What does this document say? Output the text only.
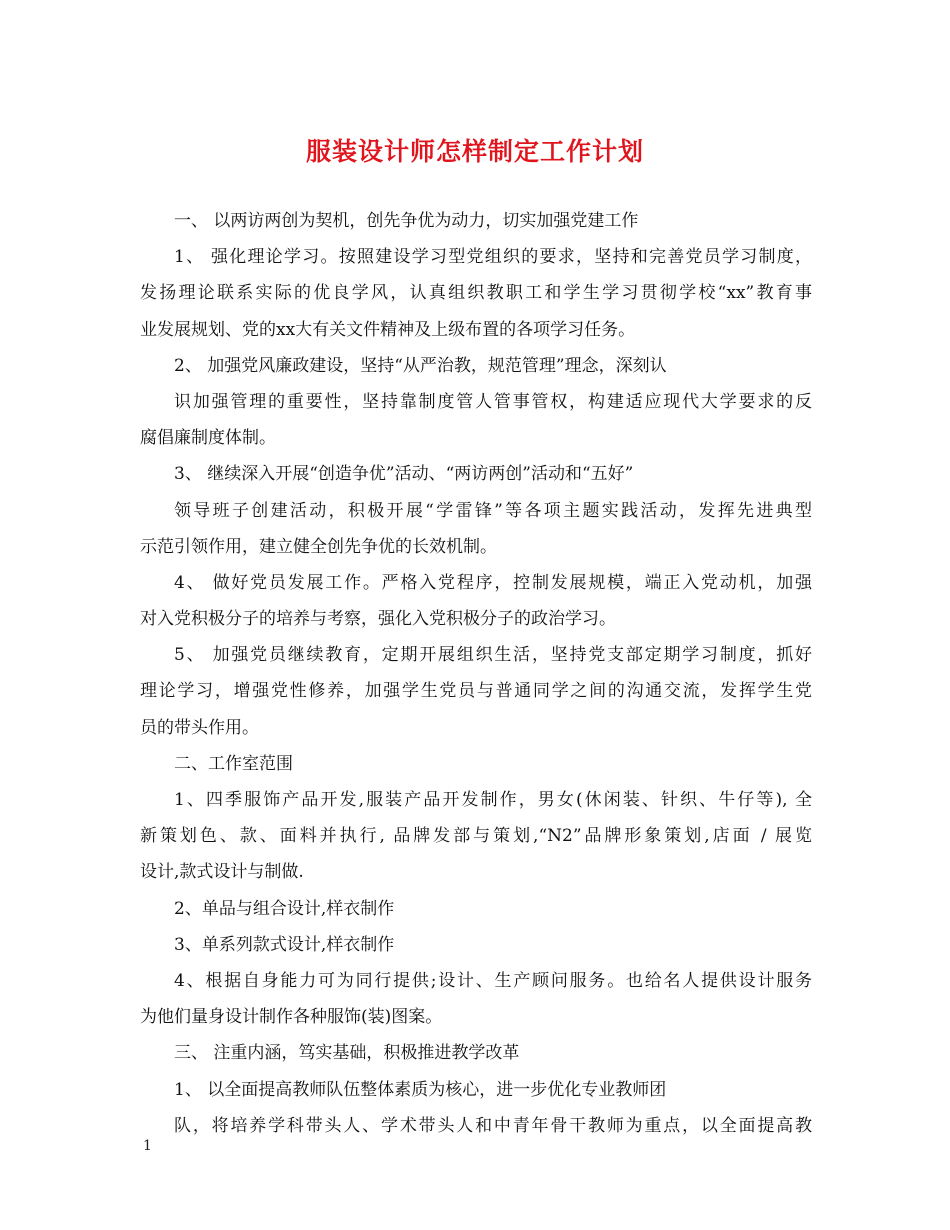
服装设计师怎样制定工作计划
一、 以两访两创为契机，创先争优为动力，切实加强党建工作
1、 强化理论学习。按照建设学习型党组织的要求，坚持和完善党员学习制度，
发扬理论联系实际的优良学风，认真组织教职工和学生学习贯彻学校“xx”教育事
业发展规划、党的xx大有关文件精神及上级布置的各项学习任务。
2、 加强党风廉政建设，坚持“从严治教，规范管理”理念，深刻认
识加强管理的重要性，坚持靠制度管人管事管权，构建适应现代大学要求的反
腐倡廉制度体制。
3、 继续深入开展“创造争优”活动、“两访两创”活动和“五好”
领导班子创建活动，积极开展“学雷锋”等各项主题实践活动，发挥先进典型
示范引领作用，建立健全创先争优的长效机制。
4、 做好党员发展工作。严格入党程序，控制发展规模，端正入党动机，加强
对入党积极分子的培养与考察，强化入党积极分子的政治学习。
5、 加强党员继续教育，定期开展组织生活，坚持党支部定期学习制度，抓好
理论学习，增强党性修养，加强学生党员与普通同学之间的沟通交流，发挥学生党
员的带头作用。
二、工作室范围
1、四季服饰产品开发,服装产品开发制作，男女(休闲装、针织、牛仔等), 全
新策划色、款、面料并执行, 品牌发部与策划,“N2”品牌形象策划,店面 / 展览
设计,款式设计与制做.
2、单品与组合设计,样衣制作
3、单系列款式设计,样衣制作
4、根据自身能力可为同行提供;设计、生产顾问服务。也给名人提供设计服务
为他们量身设计制作各种服饰(装)图案。
三、 注重内涵，笃实基础，积极推进教学改革
1、 以全面提高教师队伍整体素质为核心，进一步优化专业教师团
队，将培养学科带头人、学术带头人和中青年骨干教师为重点，以全面提高教
1
